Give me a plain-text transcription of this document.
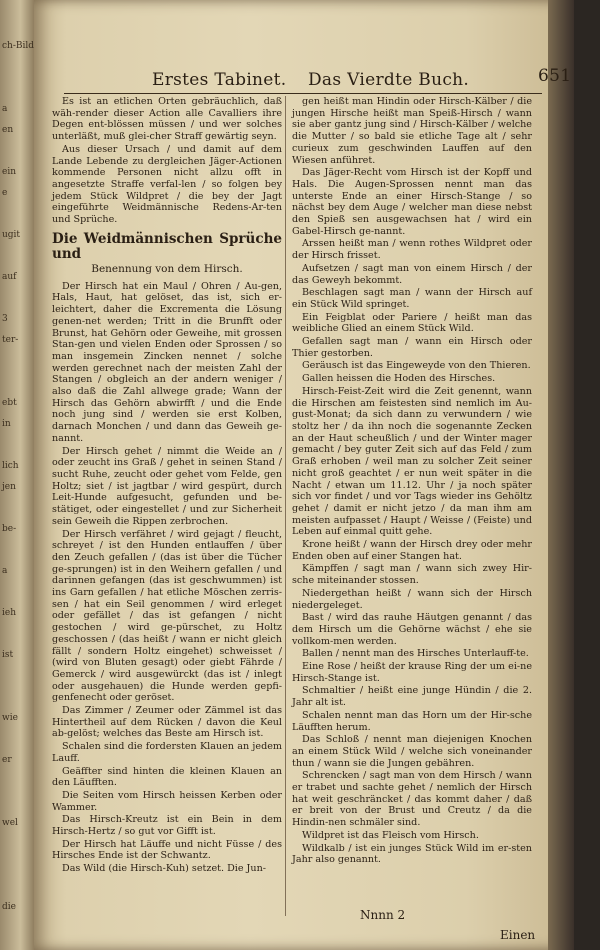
ch-Bild
a
en
ein
e
ugit
auf
3
ter-
ebt
in
lich
jen
be-
a
ieh
ist
wie
er
wel
die
Erstes Tabinet. Das Vierdte Buch.	651

Es ist an etlichen Orten gebräuchlich, daß wäh-render dieser Action alle Cavalliers ihre Degen ent-blössen müssen / und wer solches unterläßt, muß glei-cher Straff gewärtig seyn.

Aus dieser Ursach / und damit auf dem Lande Lebende zu dergleichen Jäger-Actionen kommende Personen nicht allzu offt in angesetzte Straffe verfal-len / so folgen bey jedem Stück Wildpret / die bey der Jagt eingeführte Weidmännische Redens-Ar-ten und Sprüche.

Die Weidmännischen Sprüche und
Benennung von dem Hirsch.

Der Hirsch hat ein Maul / Ohren / Au-gen, Hals, Haut, hat gelöset, das ist, sich er-leichtert, daher die Excrementa die Lösung genen-net werden; Tritt in die Brunfft oder Brunst, hat Gehörn oder Geweihe, mit grossen Stan-gen und vielen Enden oder Sprossen / so man insgemein Zincken nennet / solche werden gerechnet nach der meisten Zahl der Stangen / obgleich an der andern weniger / also daß die Zahl allwege grade; Wann der Hirsch das Gehörn abwirfft / und die Ende noch jung sind / werden sie erst Kolben, darnach Monchen / und dann das Geweih ge-nannt.

Der Hirsch gehet / nimmt die Weide an / oder zeucht ins Graß / gehet in seinen Stand / sucht Ruhe, zeucht oder gehet vom Felde, gen Holtz; siet / ist jagtbar / wird gespürt, durch Leit-Hunde aufgesucht, gefunden und be-stätiget, oder eingestellet / und zur Sicherheit sein Geweih die Rippen zerbrochen.

Der Hirsch verfähret / wird gejagt / fleucht, schreyet / ist den Hunden entlauffen / über den Zeuch gefallen / (das ist über die Tücher ge-sprungen) ist in den Weihern gefallen / und darinnen gefangen (das ist geschwummen) ist ins Garn gefallen / hat etliche Möschen zerris-sen / hat ein Seil genommen / wird erleget oder gefället / das ist gefangen / nicht gestochen / wird ge-pürschet, zu Holtz geschossen / (das heißt / wann er nicht gleich fällt / sondern Holtz eingehet) schweisset / (wird von Bluten gesagt) oder giebt Fährde / Gemerck / wird ausgewürckt (das ist / inlegt oder ausgehauen) die Hunde werden gepfi-genfenecht oder geröset.

Das Zimmer / Zeumer oder Zämmel ist das Hintertheil auf dem Rücken / davon die Keul ab-gelöst; welches das Beste am Hirsch ist.

Schalen sind die fordersten Klauen an jedem Lauff.

Geäffter sind hinten die kleinen Klauen an den Läufften.

Die Seiten vom Hirsch heissen Kerben oder Wammer.

Das Hirsch-Kreutz ist ein Bein in dem Hirsch-Hertz / so gut vor Gifft ist.

Der Hirsch hat Läuffe und nicht Füsse / des Hirsches Ende ist der Schwantz.

Das Wild (die Hirsch-Kuh) setzet. Die Jun-

gen heißt man Hindin oder Hirsch-Kälber / die jungen Hirsche heißt man Speiß-Hirsch / wann sie aber gantz jung sind / Hirsch-Kälber / welche die Mutter / so bald sie etliche Tage alt / sehr curieux zum geschwinden Lauffen auf den Wiesen anführet.

Das Jäger-Recht vom Hirsch ist der Kopff und Hals. Die Augen-Sprossen nennt man das unterste Ende an einer Hirsch-Stange / so nächst bey dem Auge / welcher man diese nebst den Spieß sen ausgewachsen hat / wird ein Gabel-Hirsch ge-nannt.

Arssen heißt man / wenn rothes Wildpret oder der Hirsch frisset.

Aufsetzen / sagt man von einem Hirsch / der das Geweyh bekommt.

Beschlagen sagt man / wann der Hirsch auf ein Stück Wild springet.

Ein Feigblat oder Pariere / heißt man das weibliche Glied an einem Stück Wild.

Gefallen sagt man / wann ein Hirsch oder Thier gestorben.

Geräusch ist das Eingeweyde von den Thieren.

Gallen heissen die Hoden des Hirsches.

Hirsch-Feist-Zeit wird die Zeit genennt, wann die Hirschen am feistesten sind nemlich im Au-gust-Monat; da sich dann zu verwundern / wie stoltz her / da ihn noch die sogenannte Zecken an der Haut scheußlich / und der Winter mager gemacht / bey guter Zeit sich auf das Feld / zum Graß erhoben / weil man zu solcher Zeit seiner nicht groß geachtet / er nun weit später in die Nacht / etwan um 11.12. Uhr / ja noch später sich vor findet / und vor Tags wieder ins Gehöltz gehet / damit er nicht jetzo / da man ihm am meisten aufpasset / Haupt / Weisse / (Feiste) und Leben auf einmal quitt gehe.

Krone heißt / wann der Hirsch drey oder mehr Enden oben auf einer Stangen hat.

Kämpffen / sagt man / wann sich zwey Hir-sche miteinander stossen.

Niedergethan heißt / wann sich der Hirsch niedergeleget.

Bast / wird das rauhe Häutgen genannt / das dem Hirsch um die Gehörne wächst / ehe sie vollkom-men werden.

Ballen / nennt man des Hirsches Unterlauff-te.

Eine Rose / heißt der krause Ring der um ei-ne Hirsch-Stange ist.

Schmaltier / heißt eine junge Hündin / die 2. Jahr alt ist.

Schalen nennt man das Horn um der Hir-sche Läufften herum.

Das Schloß / nennt man diejenigen Knochen an einem Stück Wild / welche sich voneinander thun / wann sie die Jungen gebähren.

Schrencken / sagt man von dem Hirsch / wann er trabet und sachte gehet / nemlich der Hirsch hat weit geschräncket / das kommt daher / daß er breit von der Brust und Creutz / da die Hindin-nen schmäler sind.

Wildpret ist das Fleisch vom Hirsch.

Wildkalb / ist ein junges Stück Wild im er-sten Jahr also genannt.

Nnnn 2
Einen
